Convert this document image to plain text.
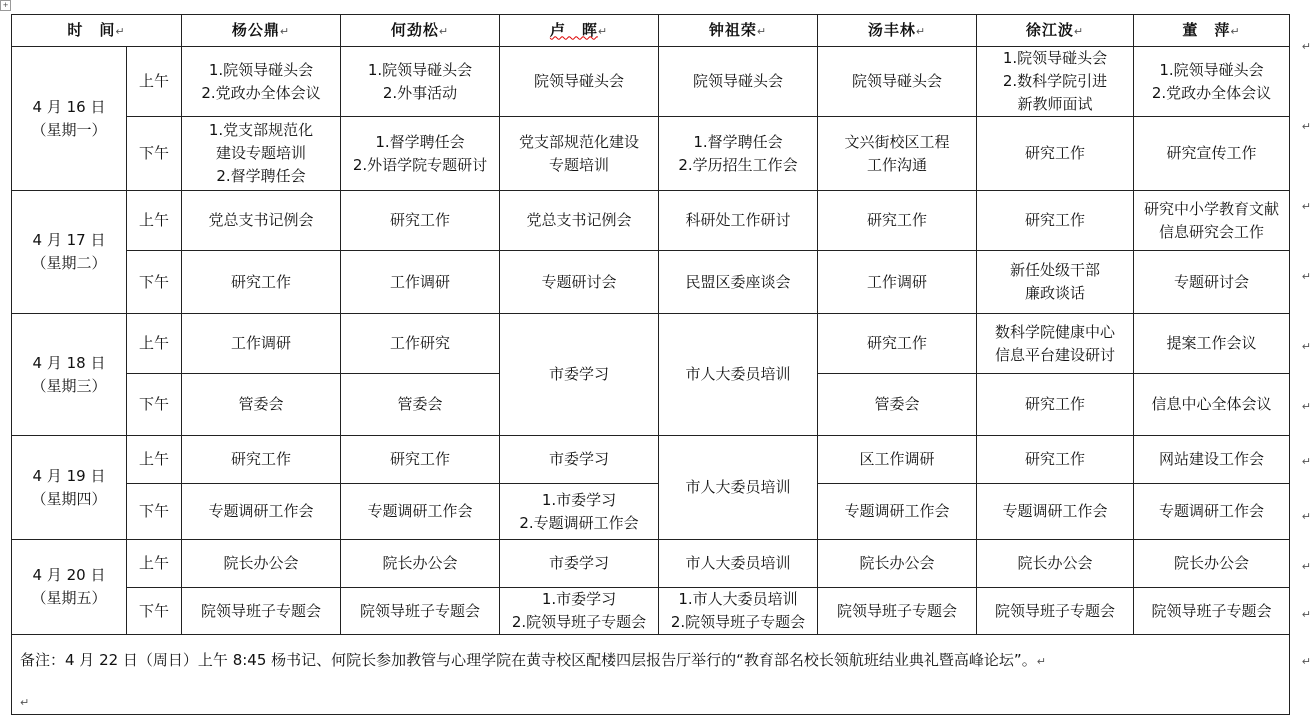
+
时　间↵		杨公鼎↵	何劲松↵	卢　晖↵	钟祖荣↵	汤丰林↵	徐江波↵	董　萍↵

4 月 16 日
（星期一）	上午	1.院领导碰头会
2.党政办全体会议	1.院领导碰头会
2.外事活动	院领导碰头会	院领导碰头会	院领导碰头会	1.院领导碰头会
2.数科学院引进
新教师面试	1.院领导碰头会
2.党政办全体会议

	下午	1.党支部规范化
建设专题培训
2.督学聘任会	1.督学聘任会
2.外语学院专题研讨	党支部规范化建设
专题培训	1.督学聘任会
2.学历招生工作会	文兴街校区工程
工作沟通	研究工作	研究宣传工作

4 月 17 日
（星期二）	上午	党总支书记例会	研究工作	党总支书记例会	科研处工作研讨	研究工作	研究工作	研究中小学教育文献
信息研究会工作

	下午	研究工作	工作调研	专题研讨会	民盟区委座谈会	工作调研	新任处级干部
廉政谈话	专题研讨会

4 月 18 日
（星期三）	上午	工作调研	工作研究	市委学习	市人大委员培训	研究工作	数科学院健康中心
信息平台建设研讨	提案工作会议

	下午	管委会	管委会			管委会	研究工作	信息中心全体会议

4 月 19 日
（星期四）	上午	研究工作	研究工作	市委学习	市人大委员培训	区工作调研	研究工作	网站建设工作会

	下午	专题调研工作会	专题调研工作会	1.市委学习
2.专题调研工作会		专题调研工作会	专题调研工作会	专题调研工作会

4 月 20 日
（星期五）	上午	院长办公会	院长办公会	市委学习	市人大委员培训	院长办公会	院长办公会	院长办公会

	下午	院领导班子专题会	院领导班子专题会	1.市委学习
2.院领导班子专题会	1.市人大委员培训
2.院领导班子专题会	院领导班子专题会	院领导班子专题会	院领导班子专题会

备注：4 月 22 日（周日）上午 8:45 杨书记、何院长参加教管与心理学院在黄寺校区配楼四层报告厅举行的“教育部名校长领航班结业典礼暨高峰论坛”。↵
↵								
↵
↵
↵
↵
↵
↵
↵
↵
↵
↵
↵
